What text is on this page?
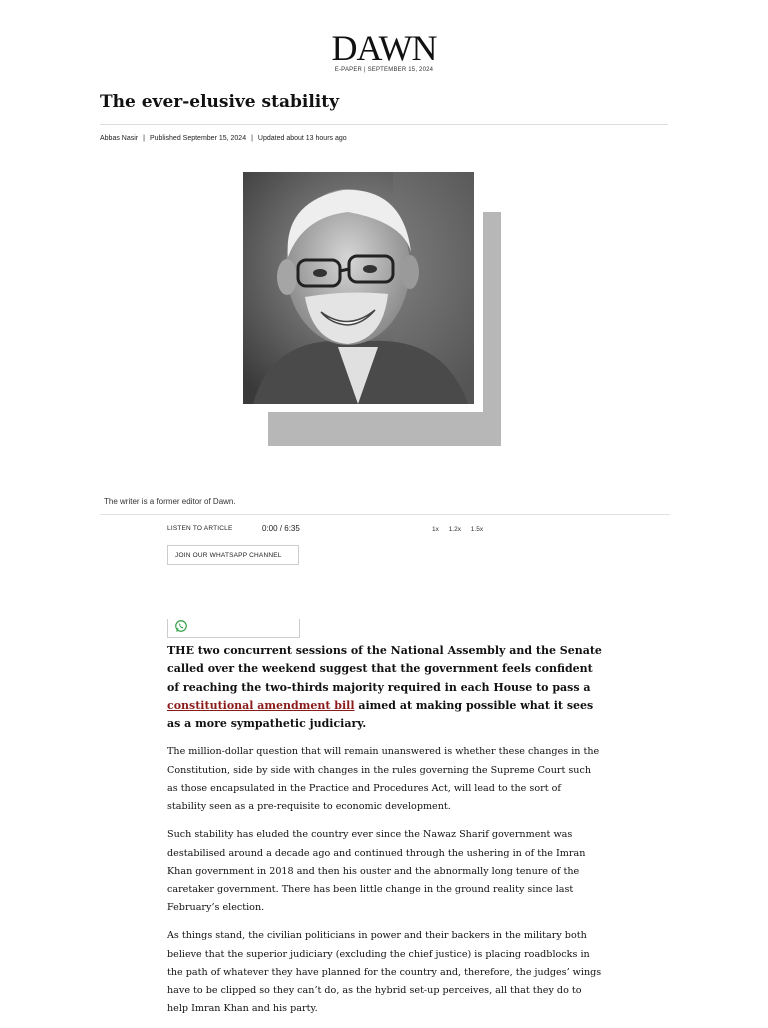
DAWN
E-PAPER | SEPTEMBER 15, 2024
The ever-elusive stability
Abbas Nasir | Published September 15, 2024 | Updated about 13 hours ago
The writer is a former editor of Dawn.
LISTEN TO ARTICLE	0:00 / 6:35	1x 1.2x 1.5x
JOIN OUR WHATSAPP CHANNEL

THE two concurrent sessions of the National Assembly and the Senate called over the weekend suggest that the government feels confident of reaching the two-thirds majority required in each House to pass a constitutional amendment bill aimed at making possible what it sees as a more sympathetic judiciary.

The million-dollar question that will remain unanswered is whether these changes in the Constitution, side by side with changes in the rules governing the Supreme Court such as those encapsulated in the Practice and Procedures Act, will lead to the sort of stability seen as a pre-requisite to economic development.

Such stability has eluded the country ever since the Nawaz Sharif government was destabilised around a decade ago and continued through the ushering in of the Imran Khan government in 2018 and then his ouster and the abnormally long tenure of the caretaker government. There has been little change in the ground reality since last February’s election.

As things stand, the civilian politicians in power and their backers in the military both believe that the superior judiciary (excluding the chief justice) is placing roadblocks in the path of whatever they have planned for the country and, therefore, the judges’ wings have to be clipped so they can’t do, as the hybrid set-up perceives, all that they do to help Imran Khan and his party.
